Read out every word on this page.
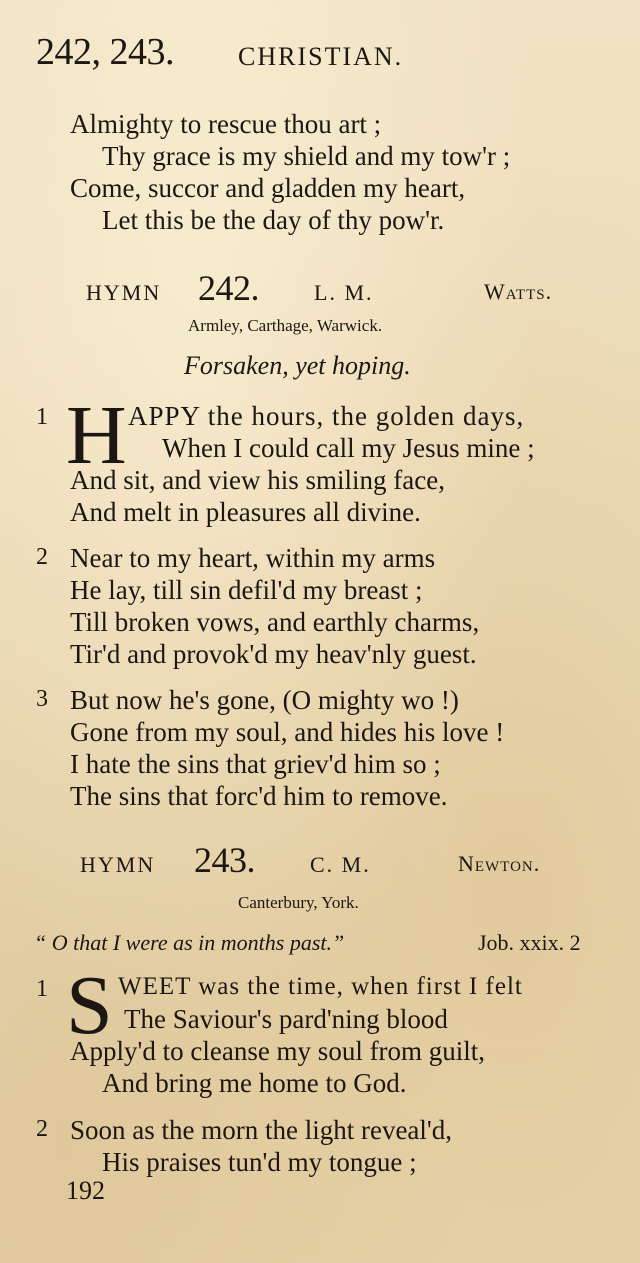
242, 243. CHRISTIAN.
Almighty to rescue thou art ;
Thy grace is my shield and my tow'r ;
Come, succor and gladden my heart,
Let this be the day of thy pow'r.
HYMN 242.	L. M.	Watts.
Armley, Carthage, Warwick.
Forsaken, yet hoping.
1 H APPY the hours, the golden days,
When I could call my Jesus mine ;
And sit, and view his smiling face,
And melt in pleasures all divine.
2 Near to my heart, within my arms
He lay, till sin defil'd my breast ;
Till broken vows, and earthly charms,
Tir'd and provok'd my heav'nly guest.
3 But now he's gone, (O mighty wo !)
Gone from my soul, and hides his love !
I hate the sins that griev'd him so ;
The sins that forc'd him to remove.
HYMN 243.	C. M.	Newton.
Canterbury, York.
“ O that I were as in months past.”	Job. xxix. 2
1 S WEET was the time, when first I felt
The Saviour's pard'ning blood
Apply'd to cleanse my soul from guilt,
And bring me home to God.
2 Soon as the morn the light reveal'd,
His praises tun'd my tongue ;
192
